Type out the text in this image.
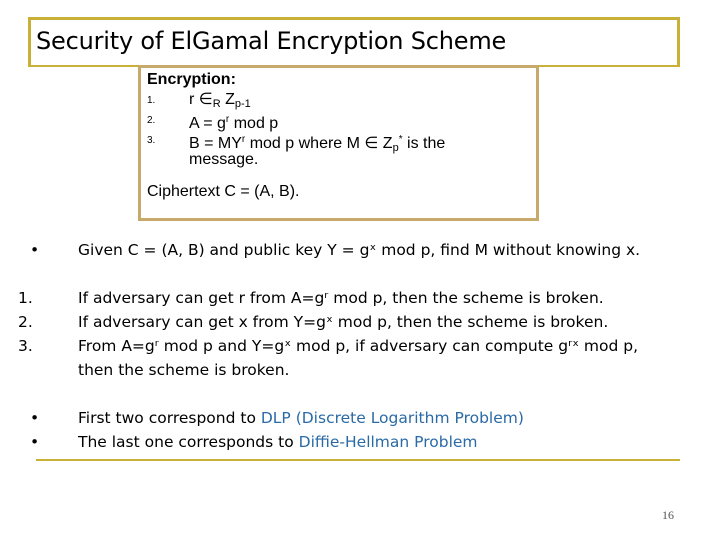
Security of ElGamal Encryption Scheme
Encryption:
1. r $\in_R$ $Z_{p-1}$
2. $A = g^r$ mod p
3. $B = MY^r$ mod p where M ∈ $Z_p^*$ is the
message.
Ciphertext C = (A, B).
•	Given C = (A, B) and public key Y = gˣ mod p, find M without knowing x.
1.	If adversary can get r from A=gʳ mod p, then the scheme is broken.
2.	If adversary can get x from Y=gˣ mod p, then the scheme is broken.
3.	From A=gʳ mod p and Y=gˣ mod p, if adversary can compute gʳˣ mod p,
then the scheme is broken.
•	First two correspond to DLP (Discrete Logarithm Problem)
•	The last one corresponds to Diffie-Hellman Problem
16
